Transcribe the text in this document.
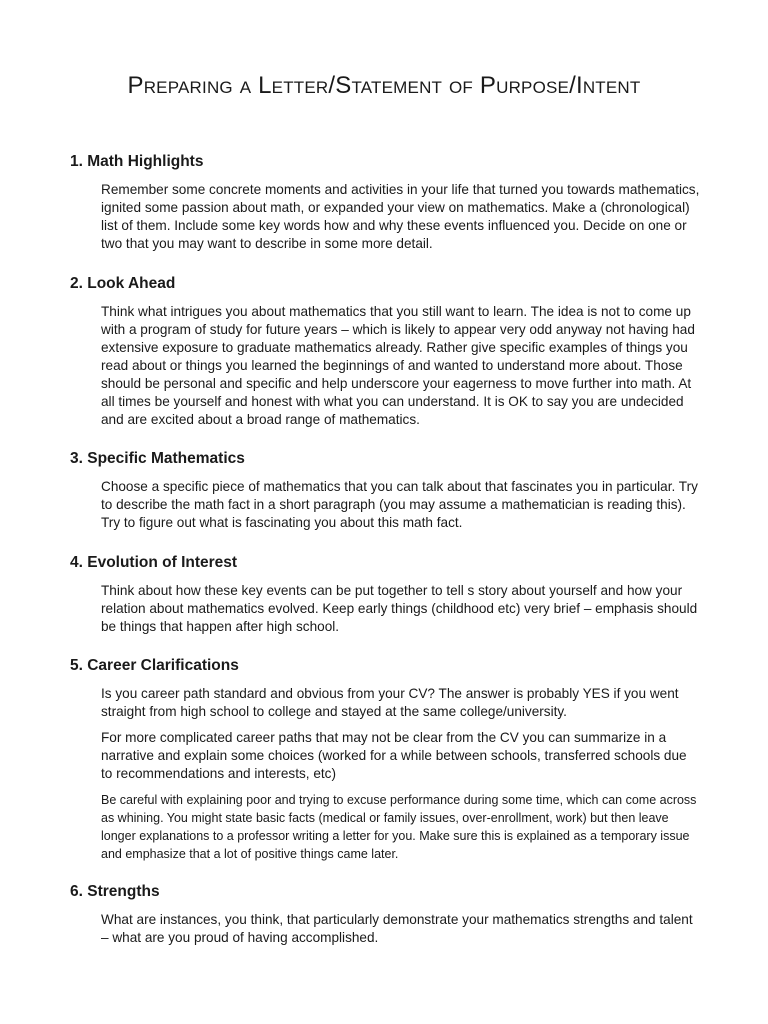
Preparing a Letter/Statement of Purpose/Intent

1. Math Highlights

Remember some concrete moments and activities in your life that turned you towards mathematics, ignited some passion about math, or expanded your view on mathematics. Make a (chronological) list of them. Include some key words how and why these events influenced you. Decide on one or two that you may want to describe in some more detail.

2. Look Ahead

Think what intrigues you about mathematics that you still want to learn. The idea is not to come up with a program of study for future years – which is likely to appear very odd anyway not having had extensive exposure to graduate mathematics already. Rather give specific examples of things you read about or things you learned the beginnings of and wanted to understand more about. Those should be personal and specific and help underscore your eagerness to move further into math. At all times be yourself and honest with what you can understand. It is OK to say you are undecided and are excited about a broad range of mathematics.

3. Specific Mathematics

Choose a specific piece of mathematics that you can talk about that fascinates you in particular. Try to describe the math fact in a short paragraph (you may assume a mathematician is reading this). Try to figure out what is fascinating you about this math fact.

4. Evolution of Interest

Think about how these key events can be put together to tell s story about yourself and how your relation about mathematics evolved. Keep early things (childhood etc) very brief – emphasis should be things that happen after high school.

5. Career Clarifications

Is you career path standard and obvious from your CV? The answer is probably YES if you went straight from high school to college and stayed at the same college/university.

For more complicated career paths that may not be clear from the CV you can summarize in a narrative and explain some choices (worked for a while between schools, transferred schools due to recommendations and interests, etc)

Be careful with explaining poor and trying to excuse performance during some time, which can come across as whining. You might state basic facts (medical or family issues, over-enrollment, work) but then leave longer explanations to a professor writing a letter for you. Make sure this is explained as a temporary issue and emphasize that a lot of positive things came later.

6. Strengths

What are instances, you think, that particularly demonstrate your mathematics strengths and talent – what are you proud of having accomplished.
